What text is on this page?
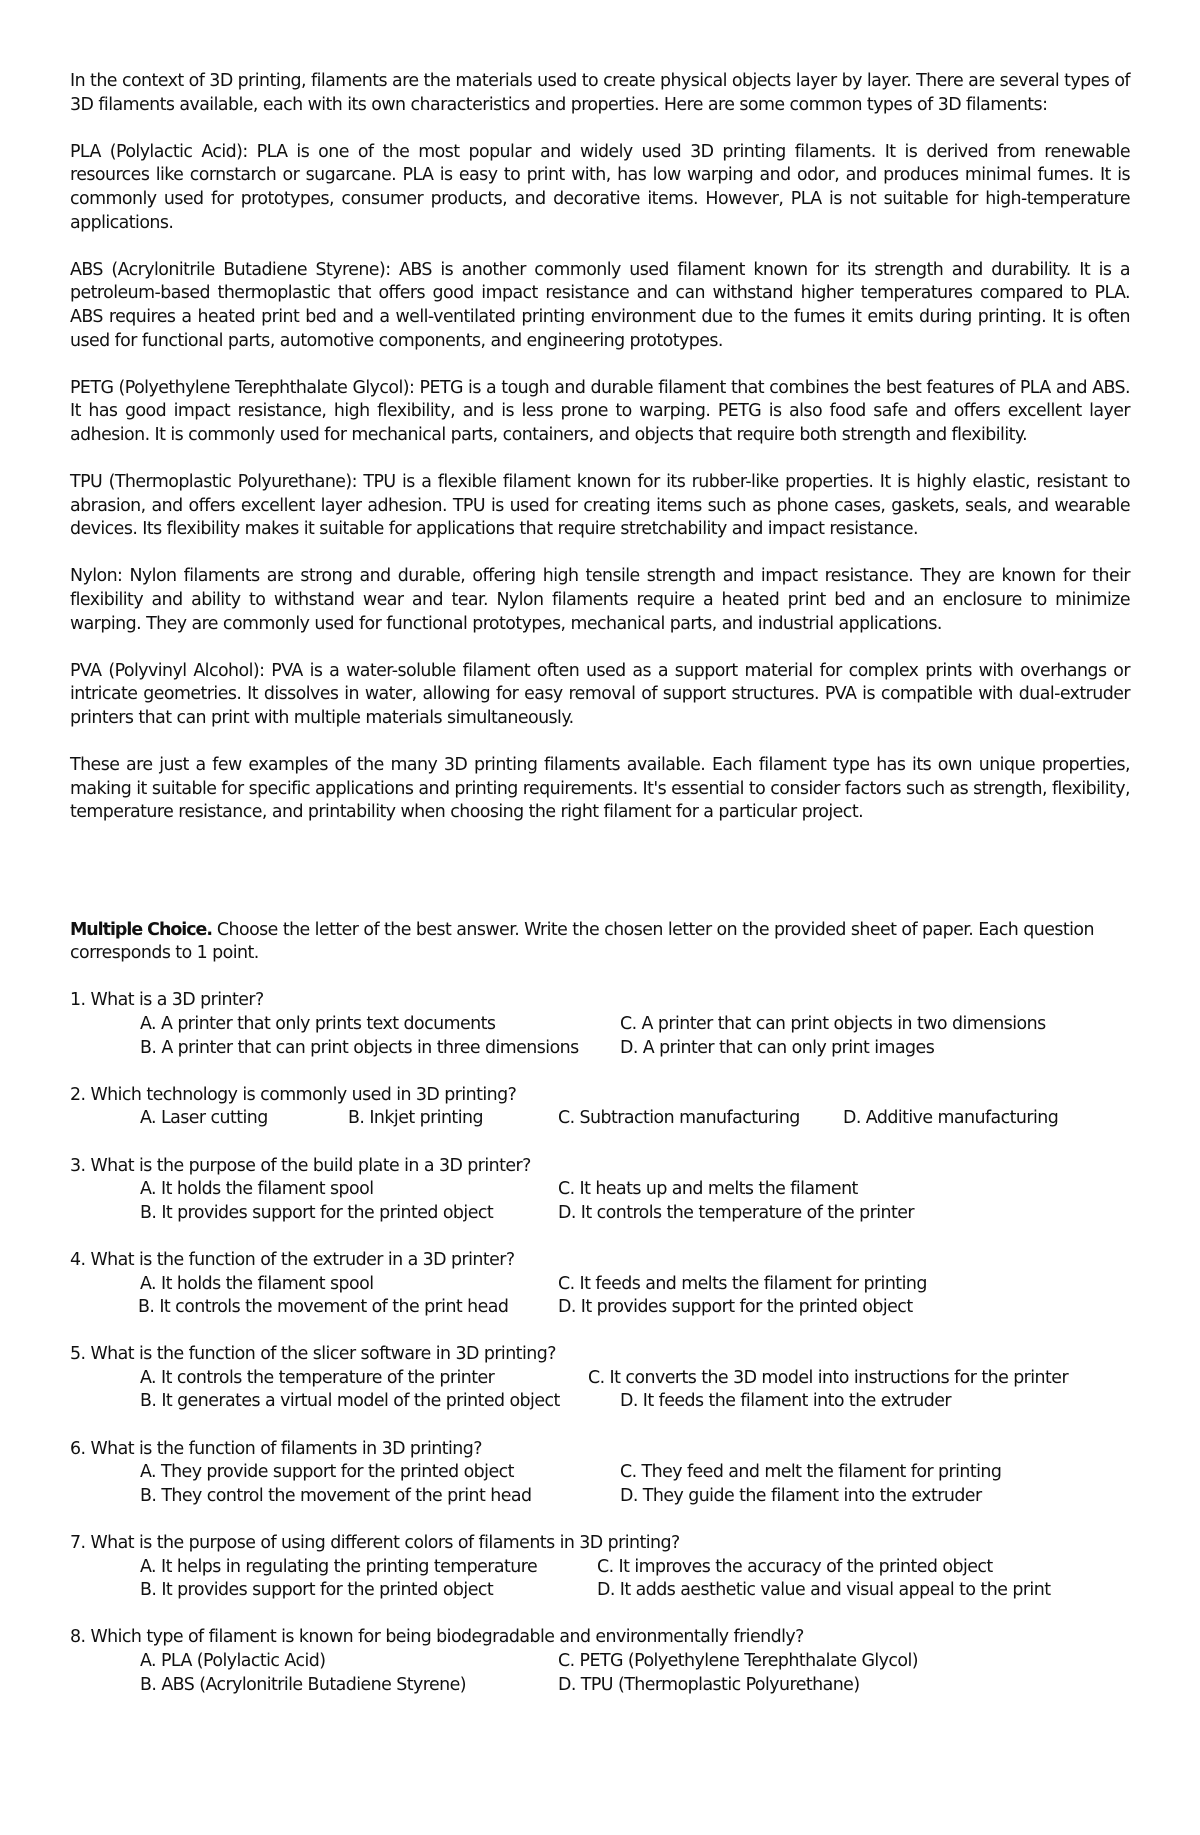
In the context of 3D printing, filaments are the materials used to create physical objects layer by layer. There are several types of 3D filaments available, each with its own characteristics and properties. Here are some common types of 3D filaments:

PLA (Polylactic Acid): PLA is one of the most popular and widely used 3D printing filaments. It is derived from renewable resources like cornstarch or sugarcane. PLA is easy to print with, has low warping and odor, and produces minimal fumes. It is commonly used for prototypes, consumer products, and decorative items. However, PLA is not suitable for high-temperature applications.

ABS (Acrylonitrile Butadiene Styrene): ABS is another commonly used filament known for its strength and durability. It is a petroleum-based thermoplastic that offers good impact resistance and can withstand higher temperatures compared to PLA. ABS requires a heated print bed and a well-ventilated printing environment due to the fumes it emits during printing. It is often used for functional parts, automotive components, and engineering prototypes.

PETG (Polyethylene Terephthalate Glycol): PETG is a tough and durable filament that combines the best features of PLA and ABS. It has good impact resistance, high flexibility, and is less prone to warping. PETG is also food safe and offers excellent layer adhesion. It is commonly used for mechanical parts, containers, and objects that require both strength and flexibility.

TPU (Thermoplastic Polyurethane): TPU is a flexible filament known for its rubber-like properties. It is highly elastic, resistant to abrasion, and offers excellent layer adhesion. TPU is used for creating items such as phone cases, gaskets, seals, and wearable devices. Its flexibility makes it suitable for applications that require stretchability and impact resistance.

Nylon: Nylon filaments are strong and durable, offering high tensile strength and impact resistance. They are known for their flexibility and ability to withstand wear and tear. Nylon filaments require a heated print bed and an enclosure to minimize warping. They are commonly used for functional prototypes, mechanical parts, and industrial applications.

PVA (Polyvinyl Alcohol): PVA is a water-soluble filament often used as a support material for complex prints with overhangs or intricate geometries. It dissolves in water, allowing for easy removal of support structures. PVA is compatible with dual-extruder printers that can print with multiple materials simultaneously.

These are just a few examples of the many 3D printing filaments available. Each filament type has its own unique properties, making it suitable for specific applications and printing requirements. It's essential to consider factors such as strength, flexibility, temperature resistance, and printability when choosing the right filament for a particular project.

Multiple Choice. Choose the letter of the best answer. Write the chosen letter on the provided sheet of paper. Each question corresponds to 1 point.

1. What is a 3D printer?
A. A printer that only prints text documents	C. A printer that can print objects in two dimensions
B. A printer that can print objects in three dimensions D. A printer that can only print images
2. Which technology is commonly used in 3D printing?
A. Laser cutting	B. Inkjet printing	C. Subtraction manufacturing D. Additive manufacturing
3. What is the purpose of the build plate in a 3D printer?
A. It holds the filament spool	C. It heats up and melts the filament
B. It provides support for the printed object	D. It controls the temperature of the printer
4. What is the function of the extruder in a 3D printer?
A. It holds the filament spool	C. It feeds and melts the filament for printing
B. It controls the movement of the print head	D. It provides support for the printed object
5. What is the function of the slicer software in 3D printing?
A. It controls the temperature of the printer	C. It converts the 3D model into instructions for the printer
B. It generates a virtual model of the printed object	D. It feeds the filament into the extruder
6. What is the function of filaments in 3D printing?
A. They provide support for the printed object	C. They feed and melt the filament for printing
B. They control the movement of the print head	D. They guide the filament into the extruder
7. What is the purpose of using different colors of filaments in 3D printing?
A. It helps in regulating the printing temperature	C. It improves the accuracy of the printed object
B. It provides support for the printed object	D. It adds aesthetic value and visual appeal to the print
8. Which type of filament is known for being biodegradable and environmentally friendly?
A. PLA (Polylactic Acid)	C. PETG (Polyethylene Terephthalate Glycol)
B. ABS (Acrylonitrile Butadiene Styrene)	D. TPU (Thermoplastic Polyurethane)
